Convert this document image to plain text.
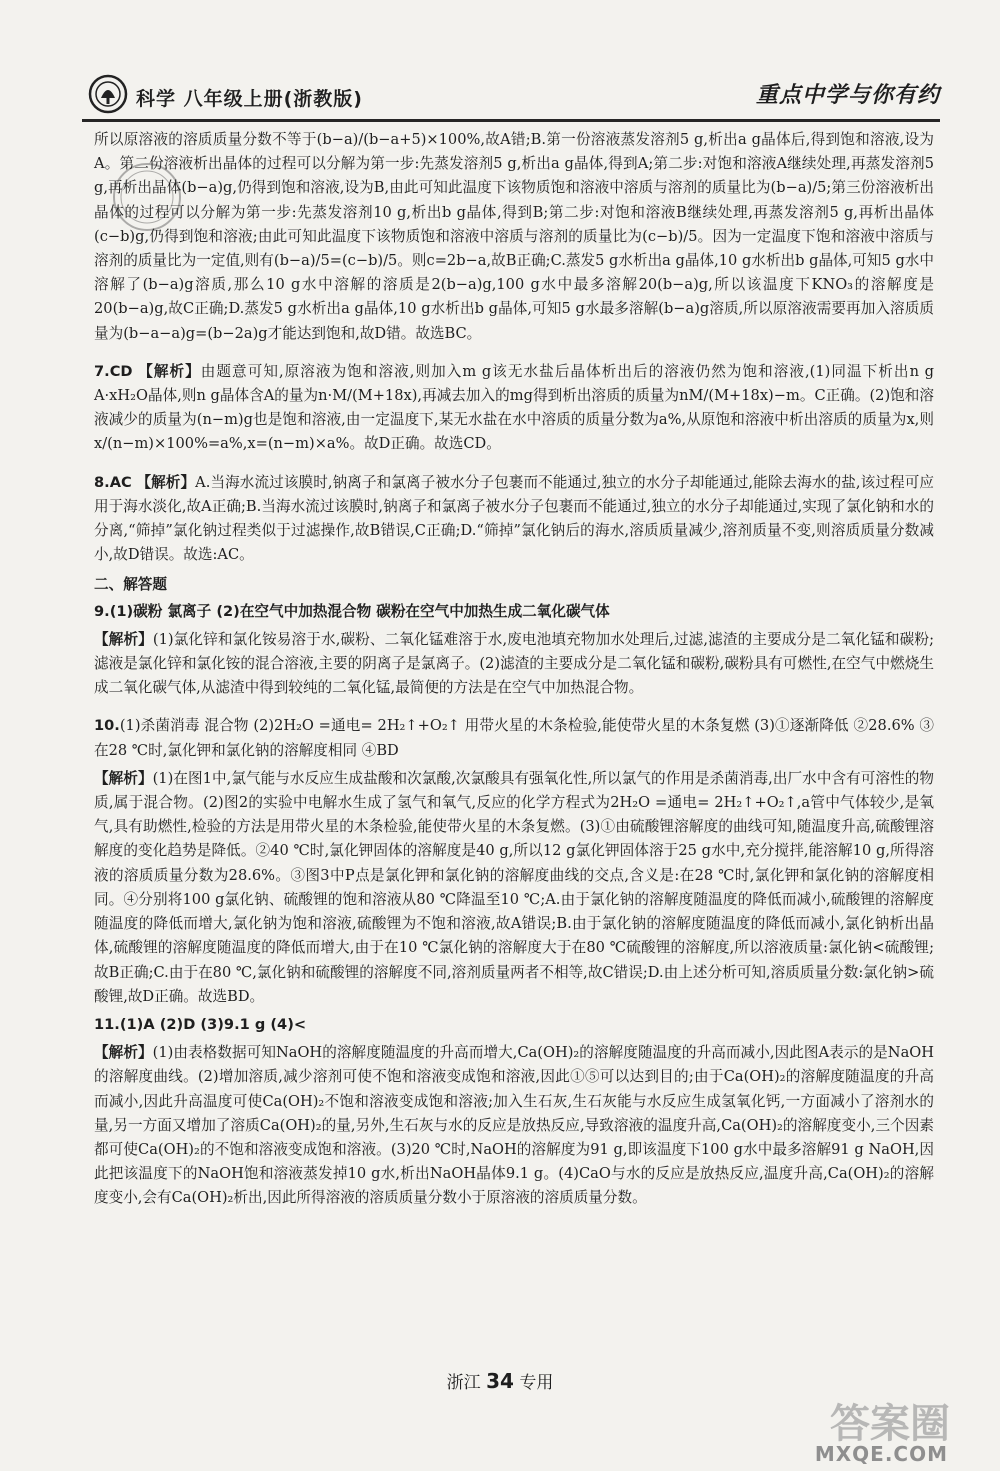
科学 八年级上册(浙教版)	重点中学与你有约

所以原溶液的溶质质量分数不等于(b−a)/(b−a+5)×100%,故A错;B.第一份溶液蒸发溶剂5 g,析出a g晶体后,得到饱和溶液,设为A。第二份溶液析出晶体的过程可以分解为第一步:先蒸发溶剂5 g,析出a g晶体,得到A;第二步:对饱和溶液A继续处理,再蒸发溶剂5 g,再析出晶体(b−a)g,仍得到饱和溶液,设为B,由此可知此温度下该物质饱和溶液中溶质与溶剂的质量比为(b−a)/5;第三份溶液析出晶体的过程可以分解为第一步:先蒸发溶剂10 g,析出b g晶体,得到B;第二步:对饱和溶液B继续处理,再蒸发溶剂5 g,再析出晶体(c−b)g,仍得到饱和溶液;由此可知此温度下该物质饱和溶液中溶质与溶剂的质量比为(c−b)/5。因为一定温度下饱和溶液中溶质与溶剂的质量比为一定值,则有(b−a)/5=(c−b)/5。则c=2b−a,故B正确;C.蒸发5 g水析出a g晶体,10 g水析出b g晶体,可知5 g水中溶解了(b−a)g溶质,那么10 g水中溶解的溶质是2(b−a)g,100 g水中最多溶解20(b−a)g,所以该温度下KNO₃的溶解度是20(b−a)g,故C正确;D.蒸发5 g水析出a g晶体,10 g水析出b g晶体,可知5 g水最多溶解(b−a)g溶质,所以原溶液需要再加入溶质质量为(b−a−a)g=(b−2a)g才能达到饱和,故D错。故选BC。

7.CD 【解析】由题意可知,原溶液为饱和溶液,则加入m g该无水盐后晶体析出后的溶液仍然为饱和溶液,(1)同温下析出n g A·xH₂O晶体,则n g晶体含A的量为n·M/(M+18x),再减去加入的mg得到析出溶质的质量为nM/(M+18x)−m。C正确。(2)饱和溶液减少的质量为(n−m)g也是饱和溶液,由一定温度下,某无水盐在水中溶质的质量分数为a%,从原饱和溶液中析出溶质的质量为x,则x/(n−m)×100%=a%,x=(n−m)×a%。故D正确。故选CD。

8.AC 【解析】A.当海水流过该膜时,钠离子和氯离子被水分子包裹而不能通过,独立的水分子却能通过,能除去海水的盐,该过程可应用于海水淡化,故A正确;B.当海水流过该膜时,钠离子和氯离子被水分子包裹而不能通过,独立的水分子却能通过,实现了氯化钠和水的分离,“筛掉”氯化钠过程类似于过滤操作,故B错误,C正确;D.“筛掉”氯化钠后的海水,溶质质量减少,溶剂质量不变,则溶质质量分数减小,故D错误。故选:AC。

二、解答题

9.(1)碳粉 氯离子 (2)在空气中加热混合物 碳粉在空气中加热生成二氧化碳气体

【解析】(1)氯化锌和氯化铵易溶于水,碳粉、二氧化锰难溶于水,废电池填充物加水处理后,过滤,滤渣的主要成分是二氧化锰和碳粉;滤液是氯化锌和氯化铵的混合溶液,主要的阴离子是氯离子。(2)滤渣的主要成分是二氧化锰和碳粉,碳粉具有可燃性,在空气中燃烧生成二氧化碳气体,从滤渣中得到较纯的二氧化锰,最简便的方法是在空气中加热混合物。

10.(1)杀菌消毒 混合物 (2)2H₂O =通电= 2H₂↑+O₂↑ 用带火星的木条检验,能使带火星的木条复燃 (3)①逐渐降低 ②28.6% ③在28 ℃时,氯化钾和氯化钠的溶解度相同 ④BD

【解析】(1)在图1中,氯气能与水反应生成盐酸和次氯酸,次氯酸具有强氧化性,所以氯气的作用是杀菌消毒,出厂水中含有可溶性的物质,属于混合物。(2)图2的实验中电解水生成了氢气和氧气,反应的化学方程式为2H₂O =通电= 2H₂↑+O₂↑,a管中气体较少,是氧气,具有助燃性,检验的方法是用带火星的木条检验,能使带火星的木条复燃。(3)①由硫酸锂溶解度的曲线可知,随温度升高,硫酸锂溶解度的变化趋势是降低。②40 ℃时,氯化钾固体的溶解度是40 g,所以12 g氯化钾固体溶于25 g水中,充分搅拌,能溶解10 g,所得溶液的溶质质量分数为28.6%。③图3中P点是氯化钾和氯化钠的溶解度曲线的交点,含义是:在28 ℃时,氯化钾和氯化钠的溶解度相同。④分别将100 g氯化钠、硫酸锂的饱和溶液从80 ℃降温至10 ℃;A.由于氯化钠的溶解度随温度的降低而减小,硫酸锂的溶解度随温度的降低而增大,氯化钠为饱和溶液,硫酸锂为不饱和溶液,故A错误;B.由于氯化钠的溶解度随温度的降低而减小,氯化钠析出晶体,硫酸锂的溶解度随温度的降低而增大,由于在10 ℃氯化钠的溶解度大于在80 ℃硫酸锂的溶解度,所以溶液质量:氯化钠<硫酸锂;故B正确;C.由于在80 ℃,氯化钠和硫酸锂的溶解度不同,溶剂质量两者不相等,故C错误;D.由上述分析可知,溶质质量分数:氯化钠>硫酸锂,故D正确。故选BD。

11.(1)A (2)D (3)9.1 g (4)<

【解析】(1)由表格数据可知NaOH的溶解度随温度的升高而增大,Ca(OH)₂的溶解度随温度的升高而减小,因此图A表示的是NaOH的溶解度曲线。(2)增加溶质,减少溶剂可使不饱和溶液变成饱和溶液,因此①⑤可以达到目的;由于Ca(OH)₂的溶解度随温度的升高而减小,因此升高温度可使Ca(OH)₂不饱和溶液变成饱和溶液;加入生石灰,生石灰能与水反应生成氢氧化钙,一方面减小了溶剂水的量,另一方面又增加了溶质Ca(OH)₂的量,另外,生石灰与水的反应是放热反应,导致溶液的温度升高,Ca(OH)₂的溶解度变小,三个因素都可使Ca(OH)₂的不饱和溶液变成饱和溶液。(3)20 ℃时,NaOH的溶解度为91 g,即该温度下100 g水中最多溶解91 g NaOH,因此把该温度下的NaOH饱和溶液蒸发掉10 g水,析出NaOH晶体9.1 g。(4)CaO与水的反应是放热反应,温度升高,Ca(OH)₂的溶解度变小,会有Ca(OH)₂析出,因此所得溶液的溶质质量分数小于原溶液的溶质质量分数。

浙江 34 专用
答案圈
MXQE.COM
